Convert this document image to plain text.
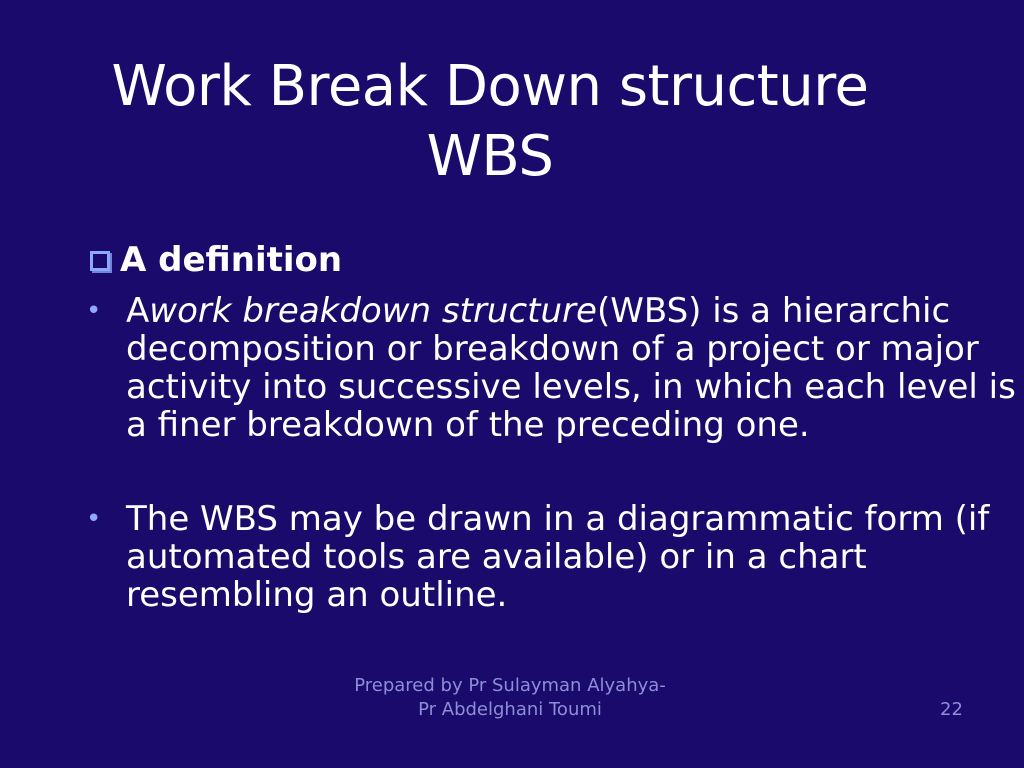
Work Break Down structure
WBS
A definition
• Awork breakdown structure(WBS) is a hierarchic decomposition or breakdown of a project or major activity into successive levels, in which each level is a finer breakdown of the preceding one.
• The WBS may be drawn in a diagrammatic form (if automated tools are available) or in a chart resembling an outline.
Prepared by Pr Sulayman Alyahya-
Pr Abdelghani Toumi	22
